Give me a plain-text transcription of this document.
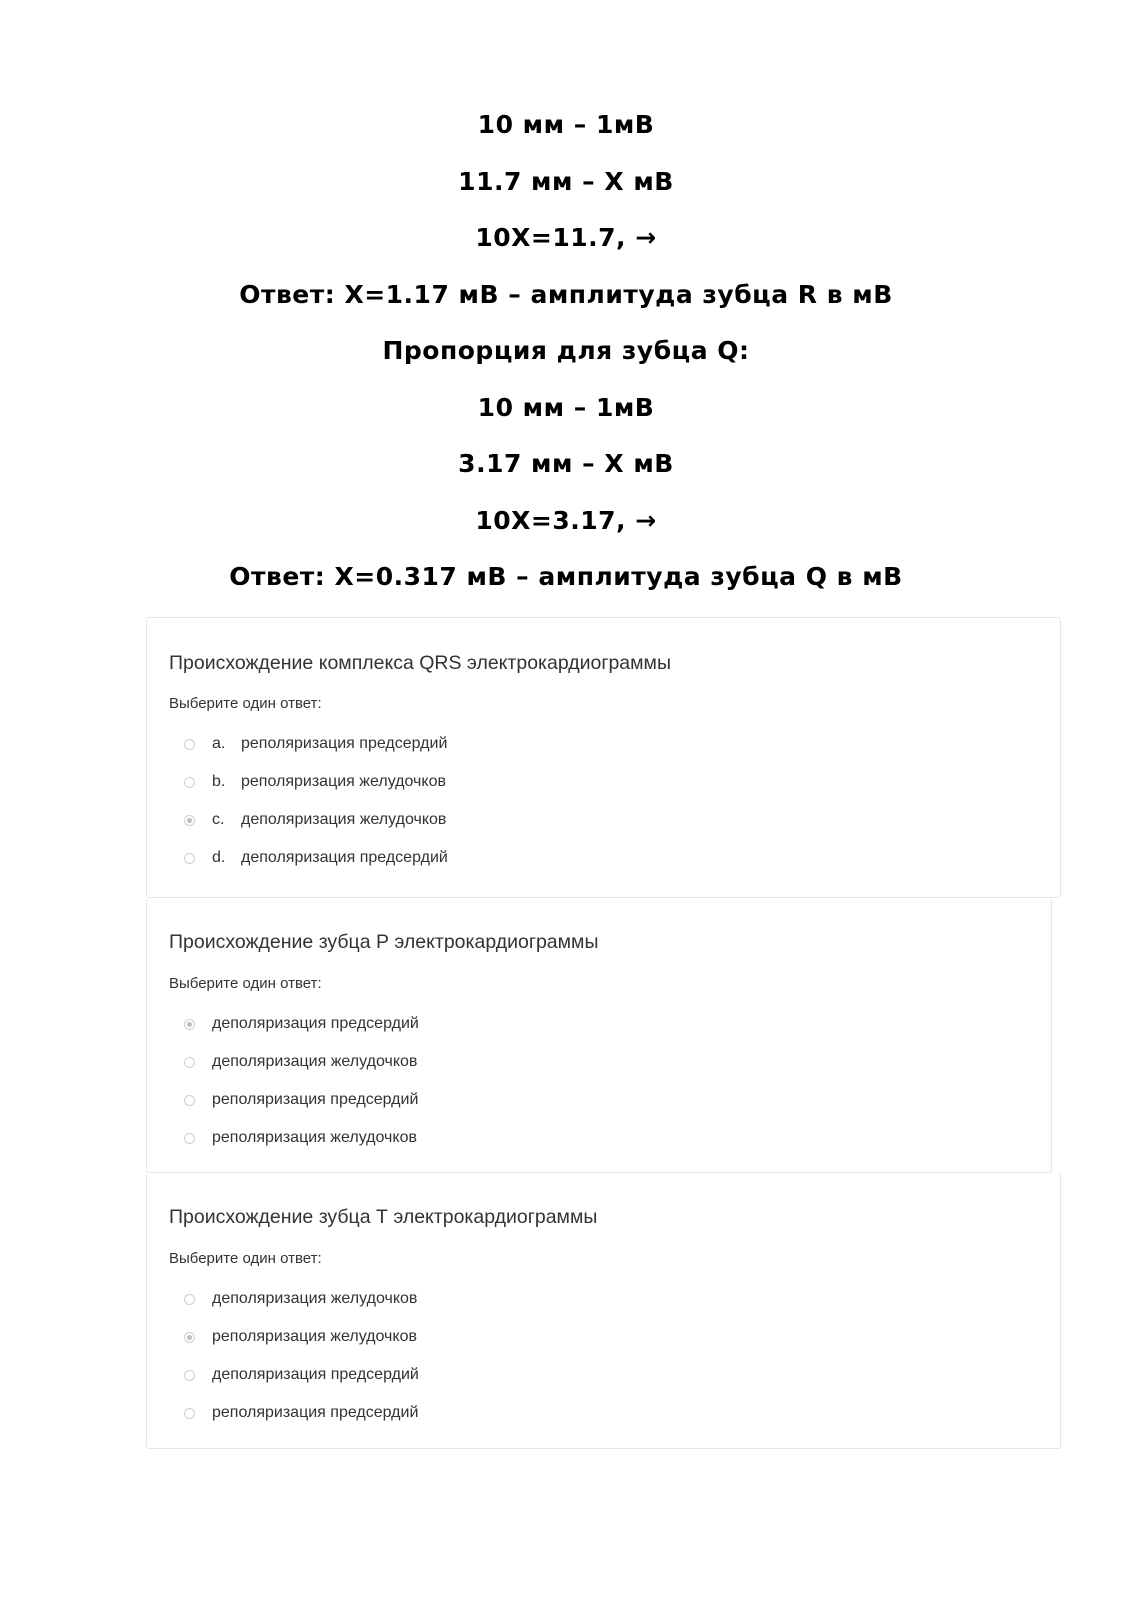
10 мм – 1мВ
11.7 мм – Х мВ
10Х=11.7, →
Ответ: Х=1.17 мВ – амплитуда зубца R в мВ
Пропорция для зубца Q:
10 мм – 1мВ
3.17 мм – Х мВ
10Х=3.17, →
Ответ: Х=0.317 мВ – амплитуда зубца Q в мВ
Происхождение комплекса QRS электрокардиограммы
Выберите один ответ:
a. реполяризация предсердий
b. реполяризация желудочков
c.	деполяризация желудочков
d. деполяризация предсердий
Происхождение зубца Р электрокардиограммы
Выберите один ответ:
деполяризация предсердий
деполяризация желудочков
реполяризация предсердий
реполяризация желудочков
Происхождение зубца Т электрокардиограммы
Выберите один ответ:
деполяризация желудочков
реполяризация желудочков
деполяризация предсердий
реполяризация предсердий
